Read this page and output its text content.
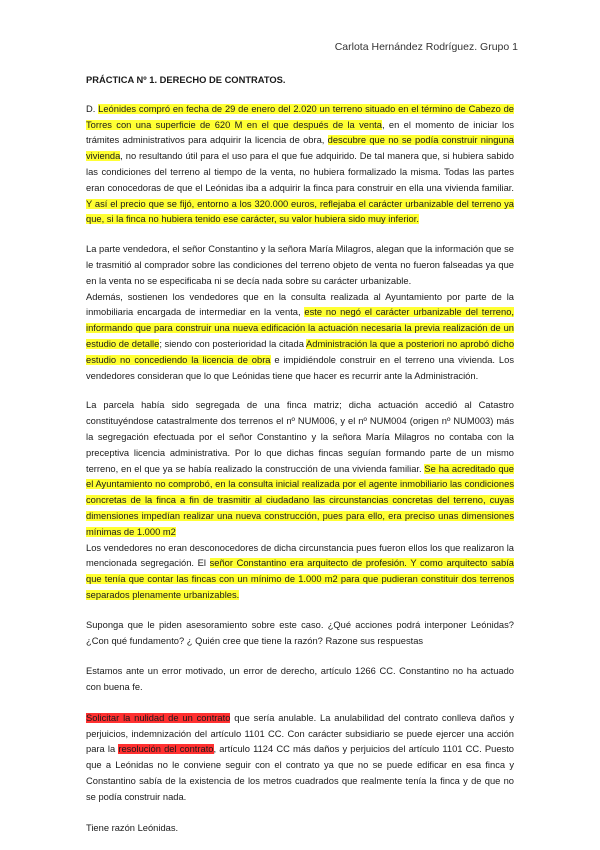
Carlota Hernández Rodríguez. Grupo 1
PRÁCTICA Nº 1. DERECHO DE CONTRATOS.

D. Leónides compró en fecha de 29 de enero del 2.020 un terreno situado en el término de Cabezo de Torres con una superficie de 620 M en el que después de la venta, en el momento de iniciar los trámites administrativos para adquirir la licencia de obra, descubre que no se podía construir ninguna vivienda, no resultando útil para el uso para el que fue adquirido. De tal manera que, si hubiera sabido las condiciones del terreno al tiempo de la venta, no hubiera formalizado la misma. Todas las partes eran conocedoras de que el Leónidas iba a adquirir la finca para construir en ella una vivienda familiar. Y así el precio que se fijó, entorno a los 320.000 euros, reflejaba el carácter urbanizable del terreno ya que, si la finca no hubiera tenido ese carácter, su valor hubiera sido muy inferior.

La parte vendedora, el señor Constantino y la señora María Milagros, alegan que la información que se le trasmitió al comprador sobre las condiciones del terreno objeto de venta no fueron falseadas ya que en la venta no se especificaba ni se decía nada sobre su carácter urbanizable.

Además, sostienen los vendedores que en la consulta realizada al Ayuntamiento por parte de la inmobiliaria encargada de intermediar en la venta, este no negó el carácter urbanizable del terreno, informando que para construir una nueva edificación la actuación necesaria la previa realización de un estudio de detalle; siendo con posterioridad la citada Administración la que a posteriori no aprobó dicho estudio no concediendo la licencia de obra e impidiéndole construir en el terreno una vivienda. Los vendedores consideran que lo que Leónidas tiene que hacer es recurrir ante la Administración.

La parcela había sido segregada de una finca matriz; dicha actuación accedió al Catastro constituyéndose catastralmente dos terrenos el nº NUM006, y el nº NUM004 (origen nº NUM003) más la segregación efectuada por el señor Constantino y la señora María Milagros no contaba con la preceptiva licencia administrativa. Por lo que dichas fincas seguían formando parte de un mismo terreno, en el que ya se había realizado la construcción de una vivienda familiar. Se ha acreditado que el Ayuntamiento no comprobó, en la consulta inicial realizada por el agente inmobiliario las condiciones concretas de la finca a fin de trasmitir al ciudadano las circunstancias concretas del terreno, cuyas dimensiones impedían realizar una nueva construcción, pues para ello, era preciso unas dimensiones mínimas de 1.000 m2

Los vendedores no eran desconocedores de dicha circunstancia pues fueron ellos los que realizaron la mencionada segregación. El señor Constantino era arquitecto de profesión. Y como arquitecto sabía que tenía que contar las fincas con un mínimo de 1.000 m2 para que pudieran constituir dos terrenos separados plenamente urbanizables.

Suponga que le piden asesoramiento sobre este caso. ¿Qué acciones podrá interponer Leónidas? ¿Con qué fundamento? ¿ Quién cree que tiene la razón? Razone sus respuestas

Estamos ante un error motivado, un error de derecho, artículo 1266 CC. Constantino no ha actuado con buena fe.

Solicitar la nulidad de un contrato que sería anulable. La anulabilidad del contrato conlleva daños y perjuicios, indemnización del artículo 1101 CC. Con carácter subsidiario se puede ejercer una acción para la resolución del contrato, artículo 1124 CC más daños y perjuicios del artículo 1101 CC. Puesto que a Leónidas no le conviene seguir con el contrato ya que no se puede edificar en esa finca y Constantino sabía de la existencia de los metros cuadrados que realmente tenía la finca y de que no se podía construir nada.

Tiene razón Leónidas.
